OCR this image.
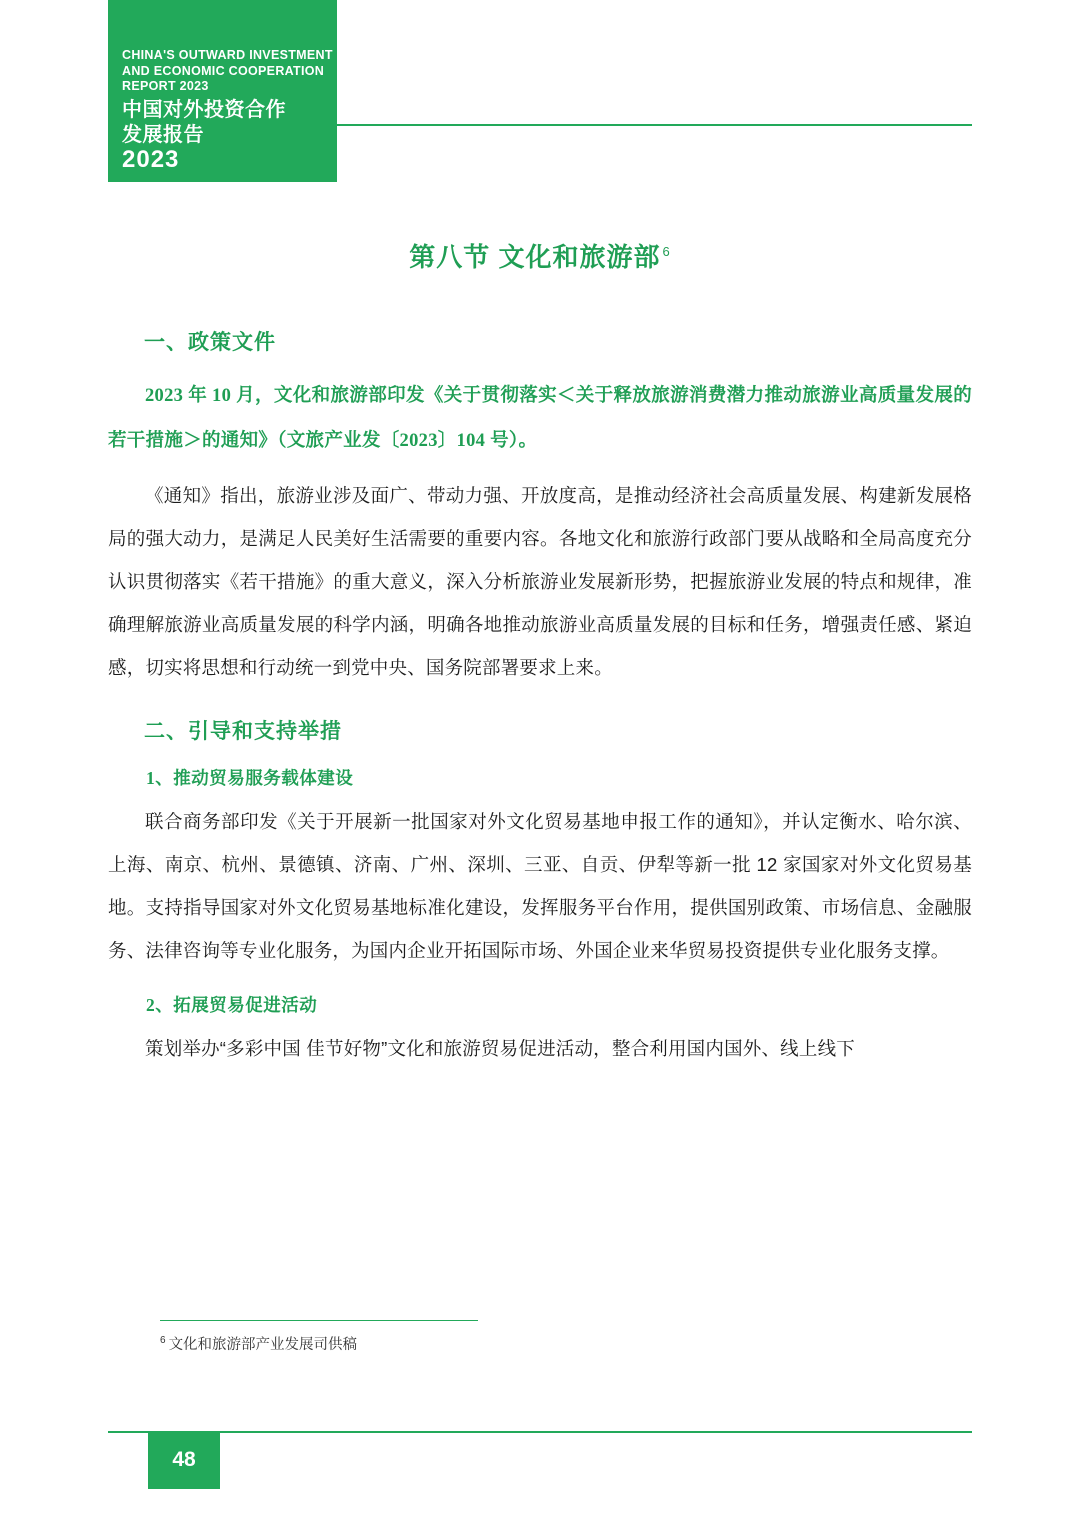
CHINA'S OUTWARD INVESTMENT AND ECONOMIC COOPERATION REPORT 2023
中国对外投资合作
发展报告
2023
第八节 文化和旅游部 $^6$
一、政策文件

2023 年 10 月，文化和旅游部印发《关于贯彻落实＜关于释放旅游消费潜力推动旅游业高质量发展的若干措施＞的通知》（文旅产业发〔2023〕104 号）。

《通知》指出，旅游业涉及面广、带动力强、开放度高，是推动经济社会高质量发展、构建新发展格局的强大动力，是满足人民美好生活需要的重要内容。各地文化和旅游行政部门要从战略和全局高度充分认识贯彻落实《若干措施》的重大意义，深入分析旅游业发展新形势，把握旅游业发展的特点和规律，准确理解旅游业高质量发展的科学内涵，明确各地推动旅游业高质量发展的目标和任务，增强责任感、紧迫感，切实将思想和行动统一到党中央、国务院部署要求上来。

二、引导和支持举措
1、推动贸易服务载体建设

联合商务部印发《关于开展新一批国家对外文化贸易基地申报工作的通知》，并认定衡水、哈尔滨、上海、南京、杭州、景德镇、济南、广州、深圳、三亚、自贡、伊犁等新一批 12 家国家对外文化贸易基地。支持指导国家对外文化贸易基地标准化建设，发挥服务平台作用，提供国别政策、市场信息、金融服务、法律咨询等专业化服务，为国内企业开拓国际市场、外国企业来华贸易投资提供专业化服务支撑。

2、拓展贸易促进活动

策划举办“多彩中国 佳节好物”文化和旅游贸易促进活动，整合利用国内国外、线上线下

$^6$ 文化和旅游部产业发展司供稿
48
